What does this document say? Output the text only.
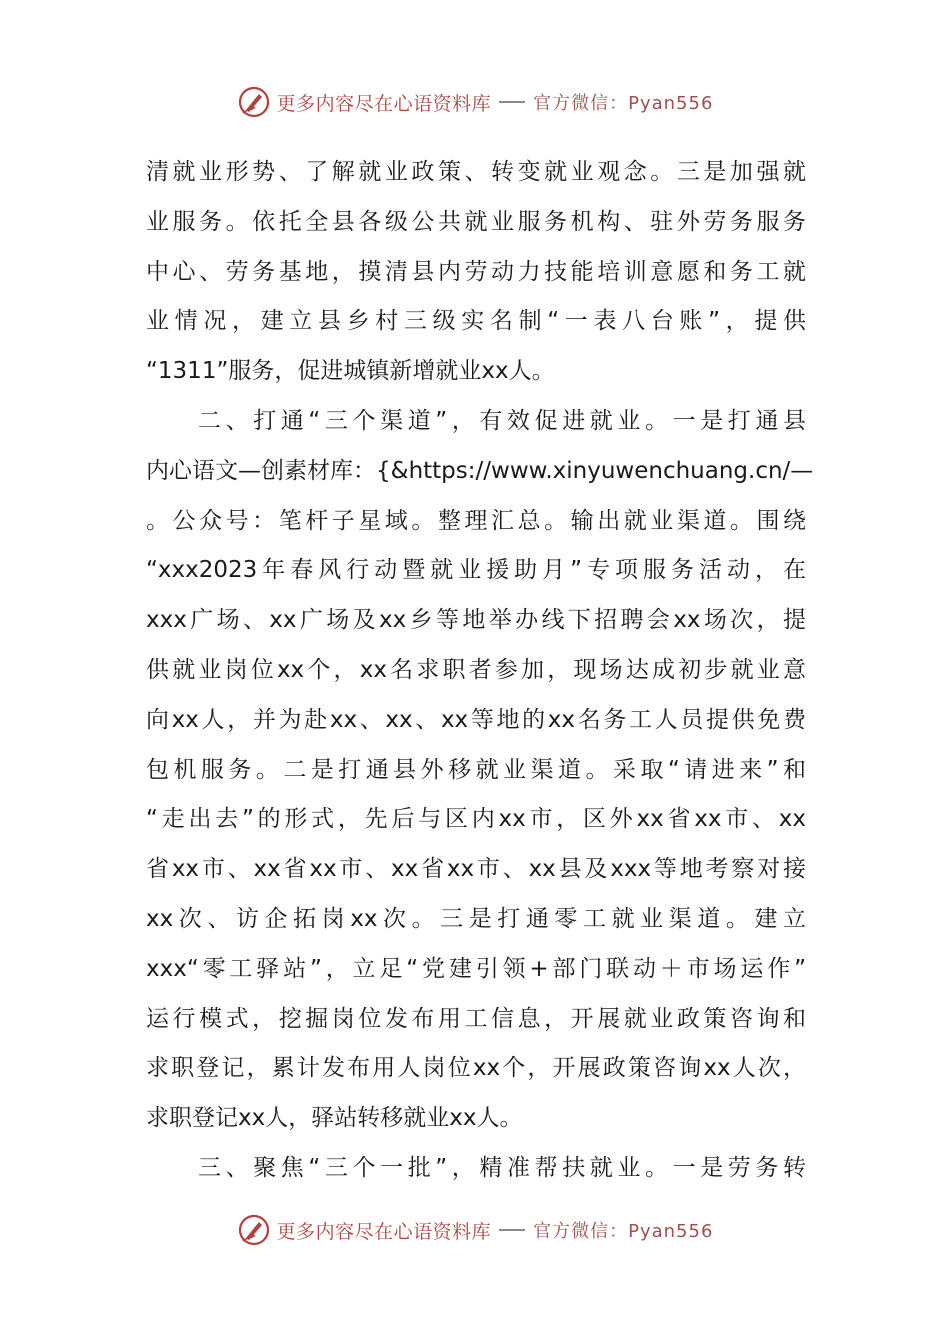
更多内容尽在心语资料库 官方微信：Pyan556
清就业形势、了解就业政策、转变就业观念。三是加强就
业服务。依托全县各级公共就业服务机构、驻外劳务服务
中心、劳务基地，摸清县内劳动力技能培训意愿和务工就
业情况，建立县乡村三级实名制“一表八台账”，提供
“1311”服务，促进城镇新增就业xx人。
二、打通“三个渠道”，有效促进就业。一是打通县
内心语文—创素材库：{&https://www.xinyuwenchuang.cn/—
。公众号：笔杆子星域。整理汇总。输出就业渠道。围绕
“xxx2023年春风行动暨就业援助月”专项服务活动，在
xxx广场、xx广场及xx乡等地举办线下招聘会xx场次，提
供就业岗位xx个，xx名求职者参加，现场达成初步就业意
向xx人，并为赴xx、xx、xx等地的xx名务工人员提供免费
包机服务。二是打通县外移就业渠道。采取“请进来”和
“走出去”的形式，先后与区内xx市，区外xx省xx市、xx
省xx市、xx省xx市、xx省xx市、xx县及xxx等地考察对接
xx次、访企拓岗xx次。三是打通零工就业渠道。建立
xxx“零工驿站”，立足“党建引领+部门联动＋市场运作”
运行模式，挖掘岗位发布用工信息，开展就业政策咨询和
求职登记，累计发布用人岗位xx个，开展政策咨询xx人次，
求职登记xx人，驿站转移就业xx人。
三、聚焦“三个一批”，精准帮扶就业。一是劳务转
更多内容尽在心语资料库 官方微信：Pyan556
